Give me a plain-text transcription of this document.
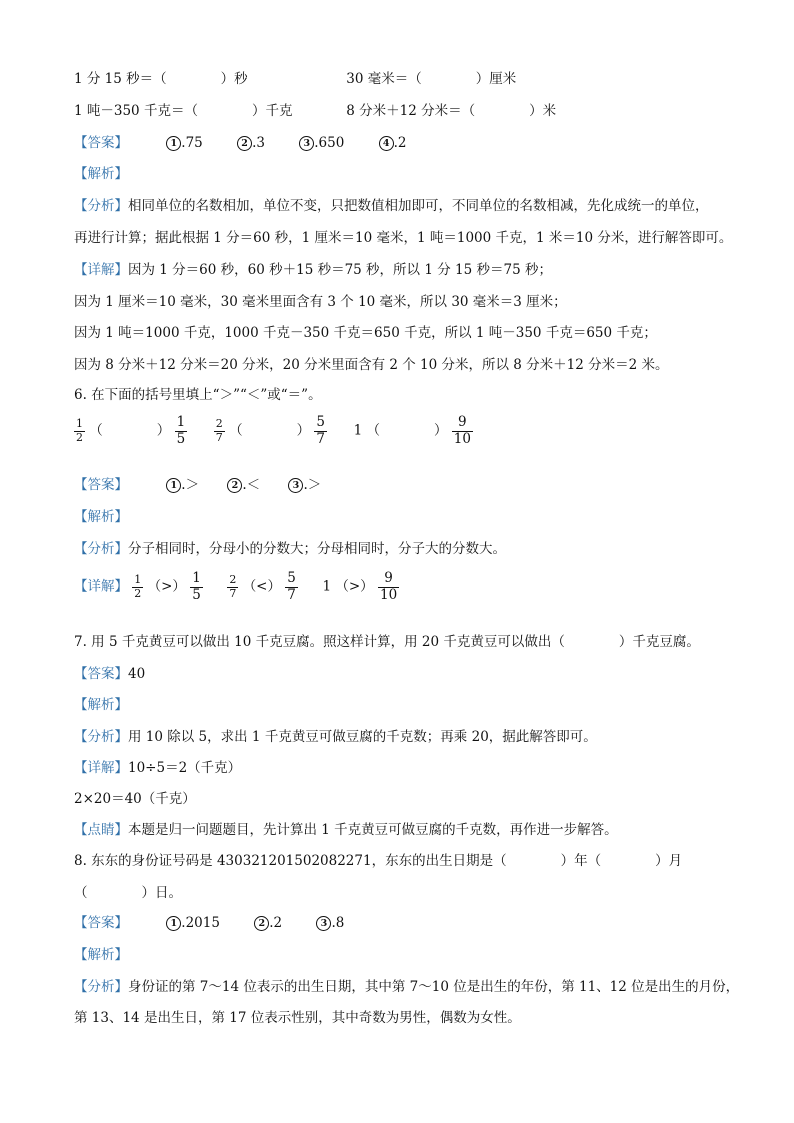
1 分 15 秒＝（　　　　）秒	30 毫米＝（　　　　）厘米
1 吨－350 千克＝（　　　　）千克	8 分米＋12 分米＝（　　　　）米
【答案】	1 .75	2 .3	3 .650	4 .2
【解析】
【分析】相同单位的名数相加，单位不变，只把数值相加即可，不同单位的名数相减，先化成统一的单位，
再进行计算；据此根据 1 分＝60 秒，1 厘米＝10 毫米，1 吨＝1000 千克，1 米＝10 分米，进行解答即可。
【详解】因为 1 分＝60 秒，60 秒＋15 秒＝75 秒，所以 1 分 15 秒＝75 秒；
因为 1 厘米＝10 毫米，30 毫米里面含有 3 个 10 毫米，所以 30 毫米＝3 厘米；
因为 1 吨＝1000 千克，1000 千克－350 千克＝650 千克，所以 1 吨－350 千克＝650 千克；
因为 8 分米＋12 分米＝20 分米，20 分米里面含有 2 个 10 分米，所以 8 分米＋12 分米＝2 米。
6. 在下面的括号里填上“＞”“＜”或“＝”。
$\frac{1}{2}$ （　　　　） $\frac{1}{5}$
$\frac{2}{7}$ （　　　　） $\frac{5}{7} 1$ （　　　　） $\frac{9}{10}$
【答案】	1 .＞	2 .＜	3 .＞
【解析】
【分析】分子相同时，分母小的分数大；分母相同时，分子大的分数大。
【详解】 $\frac{1}{2}$ （>） $\frac{1}{5}$
$\frac{2}{7}$ （<） $\frac{5}{7} 1$ （>） $\frac{9}{10}$
7. 用 5 千克黄豆可以做出 10 千克豆腐。照这样计算，用 20 千克黄豆可以做出（　　　　）千克豆腐。
【答案】40
【解析】
【分析】用 10 除以 5，求出 1 千克黄豆可做豆腐的千克数；再乘 20，据此解答即可。
【详解】10÷5＝2（千克）
2×20＝40（千克）
【点睛】本题是归一问题题目，先计算出 1 千克黄豆可做豆腐的千克数，再作进一步解答。
8. 东东的身份证号码是 430321201502082271，东东的出生日期是（　　　　）年（　　　　）月
（　　　　）日。
【答案】	1 .2015	2 .2	3 .8
【解析】
【分析】身份证的第 7～14 位表示的出生日期，其中第 7～10 位是出生的年份，第 11、12 位是出生的月份，
第 13、14 是出生日，第 17 位表示性别，其中奇数为男性，偶数为女性。
